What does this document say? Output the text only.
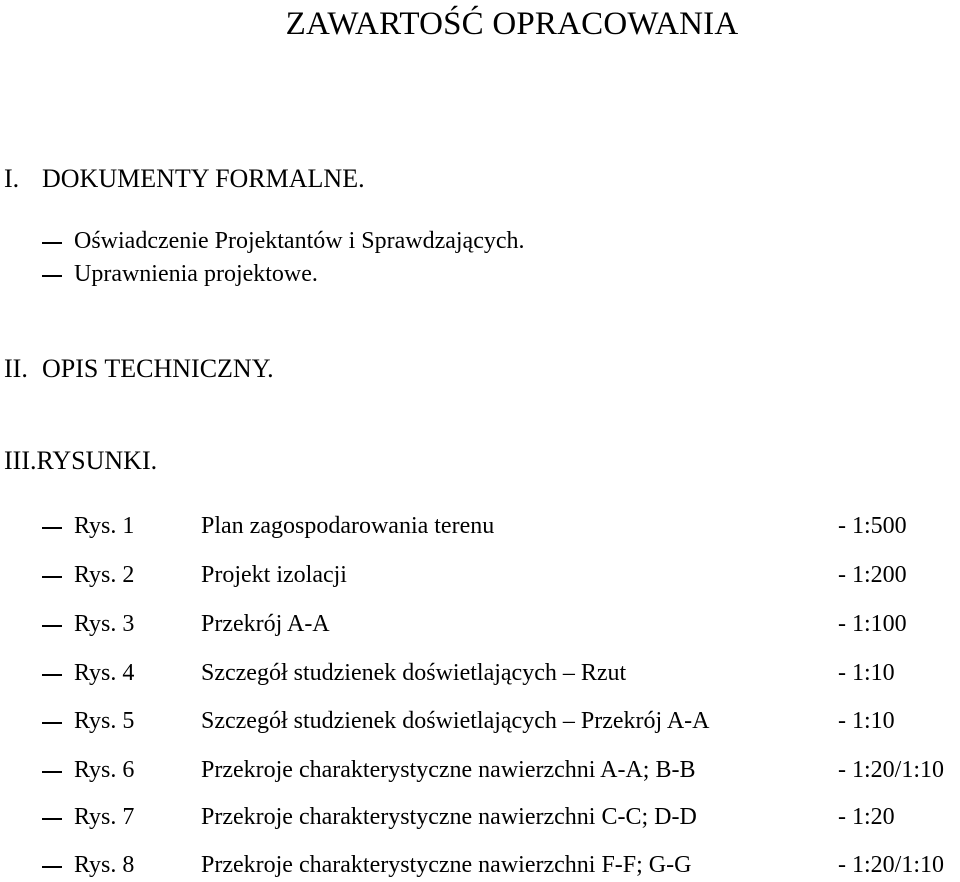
ZAWARTOŚĆ OPRACOWANIA
I. DOKUMENTY FORMALNE.
Oświadczenie Projektantów i Sprawdzających.
Uprawnienia projektowe.
II. OPIS TECHNICZNY.
III.RYSUNKI.
Rys. 1	Plan zagospodarowania terenu	- 1:500
Rys. 2	Projekt izolacji	- 1:200
Rys. 3	Przekrój A-A	- 1:100
Rys. 4	Szczegół studzienek doświetlających – Rzut	- 1:10
Rys. 5	Szczegół studzienek doświetlających – Przekrój A-A	- 1:10
Rys. 6	Przekroje charakterystyczne nawierzchni A-A; B-B	- 1:20/1:10
Rys. 7	Przekroje charakterystyczne nawierzchni C-C; D-D	- 1:20
Rys. 8	Przekroje charakterystyczne nawierzchni F-F; G-G	- 1:20/1:10
